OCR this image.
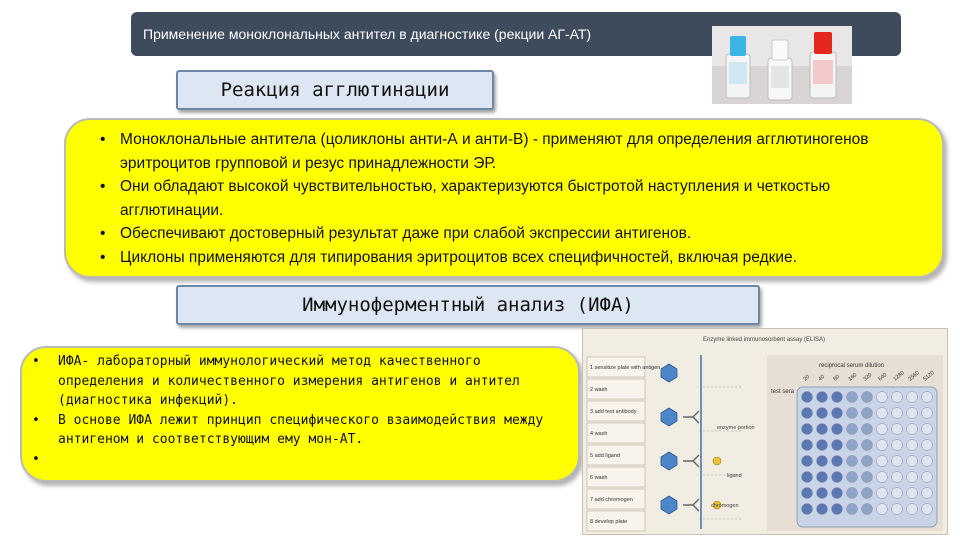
Применение моноклональных антител в диагностике (рекции АГ-АТ)
Реакция агглютинации
• Моноклональные антитела (цоликлоны анти-А и анти-В) - применяют для определения агглютиногенов эритроцитов групповой и резус принадлежности ЭР.
• Они обладают высокой чувствительностью, характеризуются быстротой наступления и четкостью агглютинации.
• Обеспечивают достоверный результат даже при слабой экспрессии антигенов.
• Циклоны применяются для типирования эритроцитов всех специфичностей, включая редкие.
Иммуноферментный анализ (ИФА)
• ИФА- лабораторный иммунологический метод качественного определения и количественного измерения антигенов и антител (диагностика инфекций).
• В основе ИФА лежит принцип специфического взаимодействия между антигеном и соответствующим ему мон-АТ.
•
Enzyme linked immunosorbent assay (ELISA)
1 sensitize plate with antigen
2 wash
3 add test antibody
4 wash
5 add ligand
6 wash
7 add chromogen
8 develop plate
enzyme portion
ligand
chromogen
reciprocal serum dilution
test sera
20 40 80 160 320 640 1280 2560 5120
